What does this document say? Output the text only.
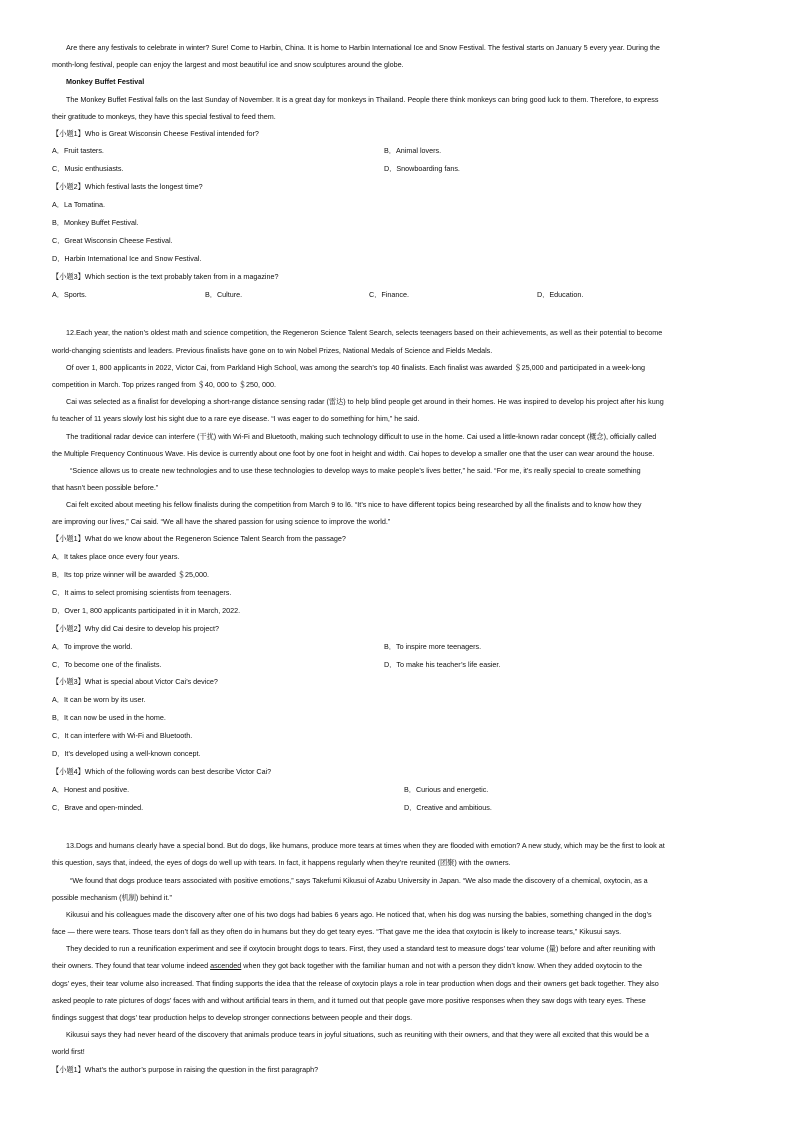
Are there any festivals to celebrate in winter? Sure! Come to Harbin, China. It is home to Harbin International Ice and Snow Festival. The festival starts on January 5 every year. During the
month-long festival, people can enjoy the largest and most beautiful ice and snow sculptures around the globe.
Monkey Buffet Festival
The Monkey Buffet Festival falls on the last Sunday of November. It is a great day for monkeys in Thailand. People there think monkeys can bring good luck to them. Therefore, to express
their gratitude to monkeys, they have this special festival to feed them.
【小题1】Who is Great Wisconsin Cheese Festival intended for?
A．Fruit tasters.	B．Animal lovers.
C．Music enthusiasts.	D．Snowboarding fans.
【小题2】Which festival lasts the longest time?
A．La Tomatina.
B．Monkey Buffet Festival.
C．Great Wisconsin Cheese Festival.
D．Harbin International Ice and Snow Festival.
【小题3】Which section is the text probably taken from in a magazine?
A．Sports.	B．Culture.	C．Finance.	D．Education.
12.Each year, the nation’s oldest math and science competition, the Regeneron Science Talent Search, selects teenagers based on their achievements, as well as their potential to become
world-changing scientists and leaders. Previous finalists have gone on to win Nobel Prizes, National Medals of Science and Fields Medals.
Of over 1, 800 applicants in 2022, Victor Cai, from Parkland High School, was among the search’s top 40 finalists. Each finalist was awarded ＄25,000 and participated in a week-long
competition in March. Top prizes ranged from ＄40, 000 to ＄250, 000.
Cai was selected as a finalist for developing a short-range distance sensing radar (雷达) to help blind people get around in their homes. He was inspired to develop his project after his kung
fu teacher of 11 years slowly lost his sight due to a rare eye disease. “I was eager to do something for him,” he said.
The traditional radar device can interfere (干扰) with Wi-Fi and Bluetooth, making such technology difficult to use in the home. Cai used a little-known radar concept (概念), officially called
the Multiple Frequency Continuous Wave. His device is currently about one foot by one foot in height and width. Cai hopes to develop a smaller one that the user can wear around the house.
“Science allows us to create new technologies and to use these technologies to develop ways to make people’s lives better,” he said. “For me, it’s really special to create something
that hasn’t been possible before.”
Cai felt excited about meeting his fellow finalists during the competition from March 9 to l6. “It’s nice to have different topics being researched by all the finalists and to know how they
are improving our lives,” Cai said. “We all have the shared passion for using science to improve the world.”
【小题1】What do we know about the Regeneron Science Talent Search from the passage?
A．It takes place once every four years.
B．Its top prize winner will be awarded ＄25,000.
C．It aims to select promising scientists from teenagers.
D．Over 1, 800 applicants participated in it in March, 2022.
【小题2】Why did Cai desire to develop his project?
A．To improve the world.	B．To inspire more teenagers.
C．To become one of the finalists.	D．To make his teacher’s life easier.
【小题3】What is special about Victor Cai’s device?
A．It can be worn by its user.
B．It can now be used in the home.
C．It can interfere with Wi-Fi and Bluetooth.
D．It’s developed using a well-known concept.
【小题4】Which of the following words can best describe Victor Cai?
A．Honest and positive.	B．Curious and energetic.
C．Brave and open-minded.	D．Creative and ambitious.
13.Dogs and humans clearly have a special bond. But do dogs, like humans, produce more tears at times when they are flooded with emotion? A new study, which may be the first to look at
this question, says that, indeed, the eyes of dogs do well up with tears. In fact, it happens regularly when they’re reunited (团聚) with the owners.
“We found that dogs produce tears associated with positive emotions,” says Takefumi Kikusui of Azabu University in Japan. “We also made the discovery of a chemical, oxytocin, as a
possible mechanism (机制) behind it.”
Kikusui and his colleagues made the discovery after one of his two dogs had babies 6 years ago. He noticed that, when his dog was nursing the babies, something changed in the dog’s
face — there were tears. Those tears don’t fall as they often do in humans but they do get teary eyes. “That gave me the idea that oxytocin is likely to increase tears,” Kikusui says.
They decided to run a reunification experiment and see if oxytocin brought dogs to tears. First, they used a standard test to measure dogs’ tear volume (量) before and after reuniting with
their owners. They found that tear volume indeed ascended when they got back together with the familiar human and not with a person they didn’t know. When they added oxytocin to the
dogs’ eyes, their tear volume also increased. That finding supports the idea that the release of oxytocin plays a role in tear production when dogs and their owners get back together. They also
asked people to rate pictures of dogs’ faces with and without artificial tears in them, and it turned out that people gave more positive responses when they saw dogs with teary eyes. These
findings suggest that dogs’ tear production helps to develop stronger connections between people and their dogs.
Kikusui says they had never heard of the discovery that animals produce tears in joyful situations, such as reuniting with their owners, and that they were all excited that this would be a
world first!
【小题1】What’s the author’s purpose in raising the question in the first paragraph?
